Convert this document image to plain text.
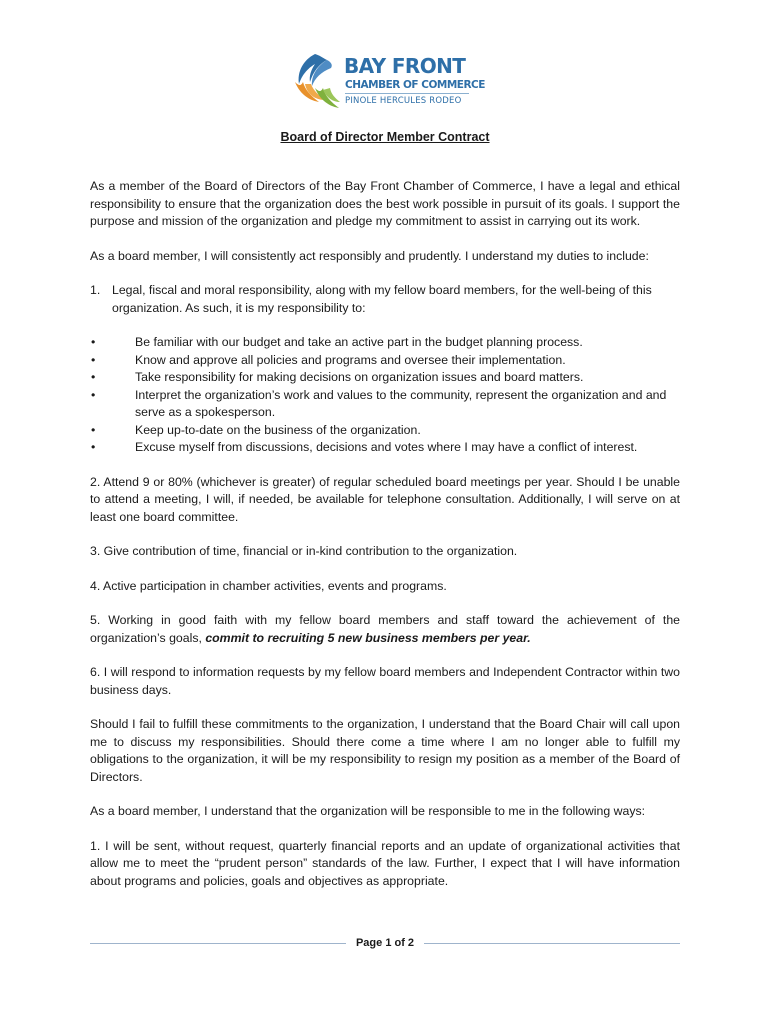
BAY FRONT
CHAMBER OF COMMERCE
PINOLE HERCULES RODEO
Board of Director Member Contract

As a member of the Board of Directors of the Bay Front Chamber of Commerce, I have a legal and ethical responsibility to ensure that the organization does the best work possible in pursuit of its goals. I support the purpose and mission of the organization and pledge my commitment to assist in carrying out its work.

As a board member, I will consistently act responsibly and prudently. I understand my duties to include:

1. Legal, fiscal and moral responsibility, along with my fellow board members, for the well-being of this organization. As such, it is my responsibility to:
•	Be familiar with our budget and take an active part in the budget planning process.
•	Know and approve all policies and programs and oversee their implementation.
•	Take responsibility for making decisions on organization issues and board matters.
•	Interpret the organization’s work and values to the community, represent the organization and and serve as a spokesperson.
•	Keep up-to-date on the business of the organization.
•	Excuse myself from discussions, decisions and votes where I may have a conflict of interest.

2. Attend 9 or 80% (whichever is greater) of regular scheduled board meetings per year. Should I be unable to attend a meeting, I will, if needed, be available for telephone consultation. Additionally, I will serve on at least one board committee.

3. Give contribution of time, financial or in-kind contribution to the organization.

4. Active participation in chamber activities, events and programs.

5. Working in good faith with my fellow board members and staff toward the achievement of the organization’s goals, commit to recruiting 5 new business members per year.

6. I will respond to information requests by my fellow board members and Independent Contractor within two business days.

Should I fail to fulfill these commitments to the organization, I understand that the Board Chair will call upon me to discuss my responsibilities. Should there come a time where I am no longer able to fulfill my obligations to the organization, it will be my responsibility to resign my position as a member of the Board of Directors.

As a board member, I understand that the organization will be responsible to me in the following ways:

1. I will be sent, without request, quarterly financial reports and an update of organizational activities that allow me to meet the “prudent person” standards of the law. Further, I expect that I will have information about programs and policies, goals and objectives as appropriate.

Page 1 of 2
